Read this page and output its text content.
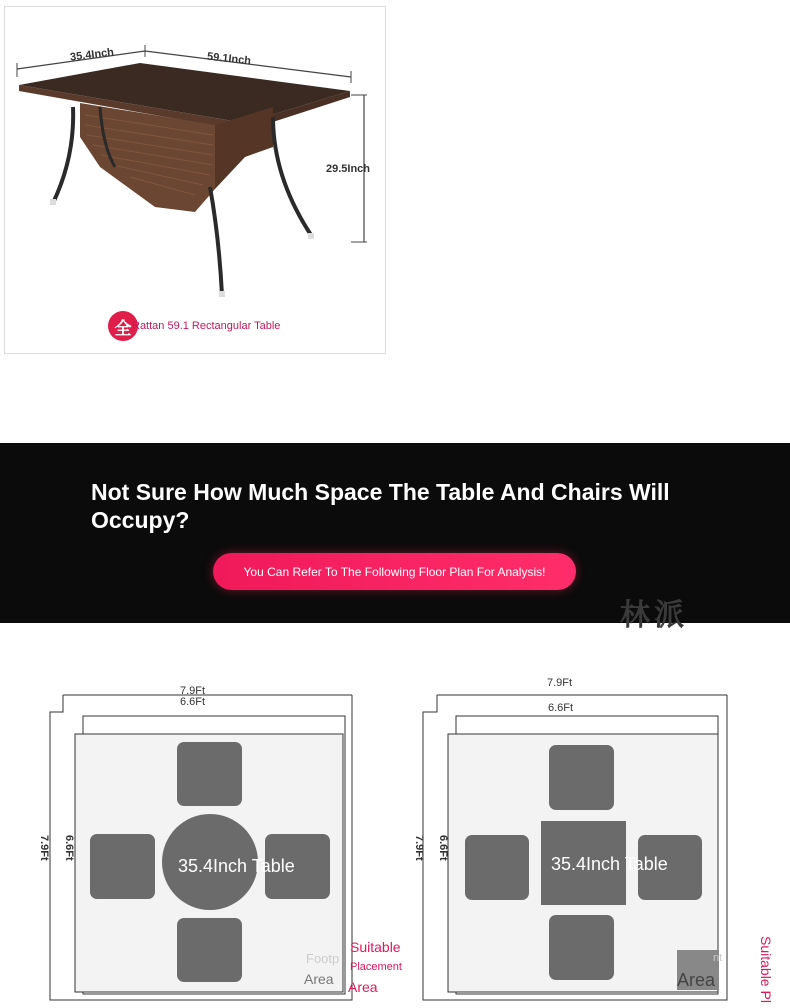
35.4Inch	59.1Inch
29.5Inch
全 Rattan 59.1 Rectangular Table
Not Sure How Much Space The Table And Chairs Will Occupy?
You Can Refer To The Following Floor Plan For Analysis!
林派
7.9Ft
6.6Ft
7.9Ft 6.6Ft
35.4Inch Table
Footp
Area
Suitable
Placement
Area
7.9Ft
6.6Ft
7.9Ft 6.6Ft
35.4Inch Table
nt
Area	Suitable Pl
